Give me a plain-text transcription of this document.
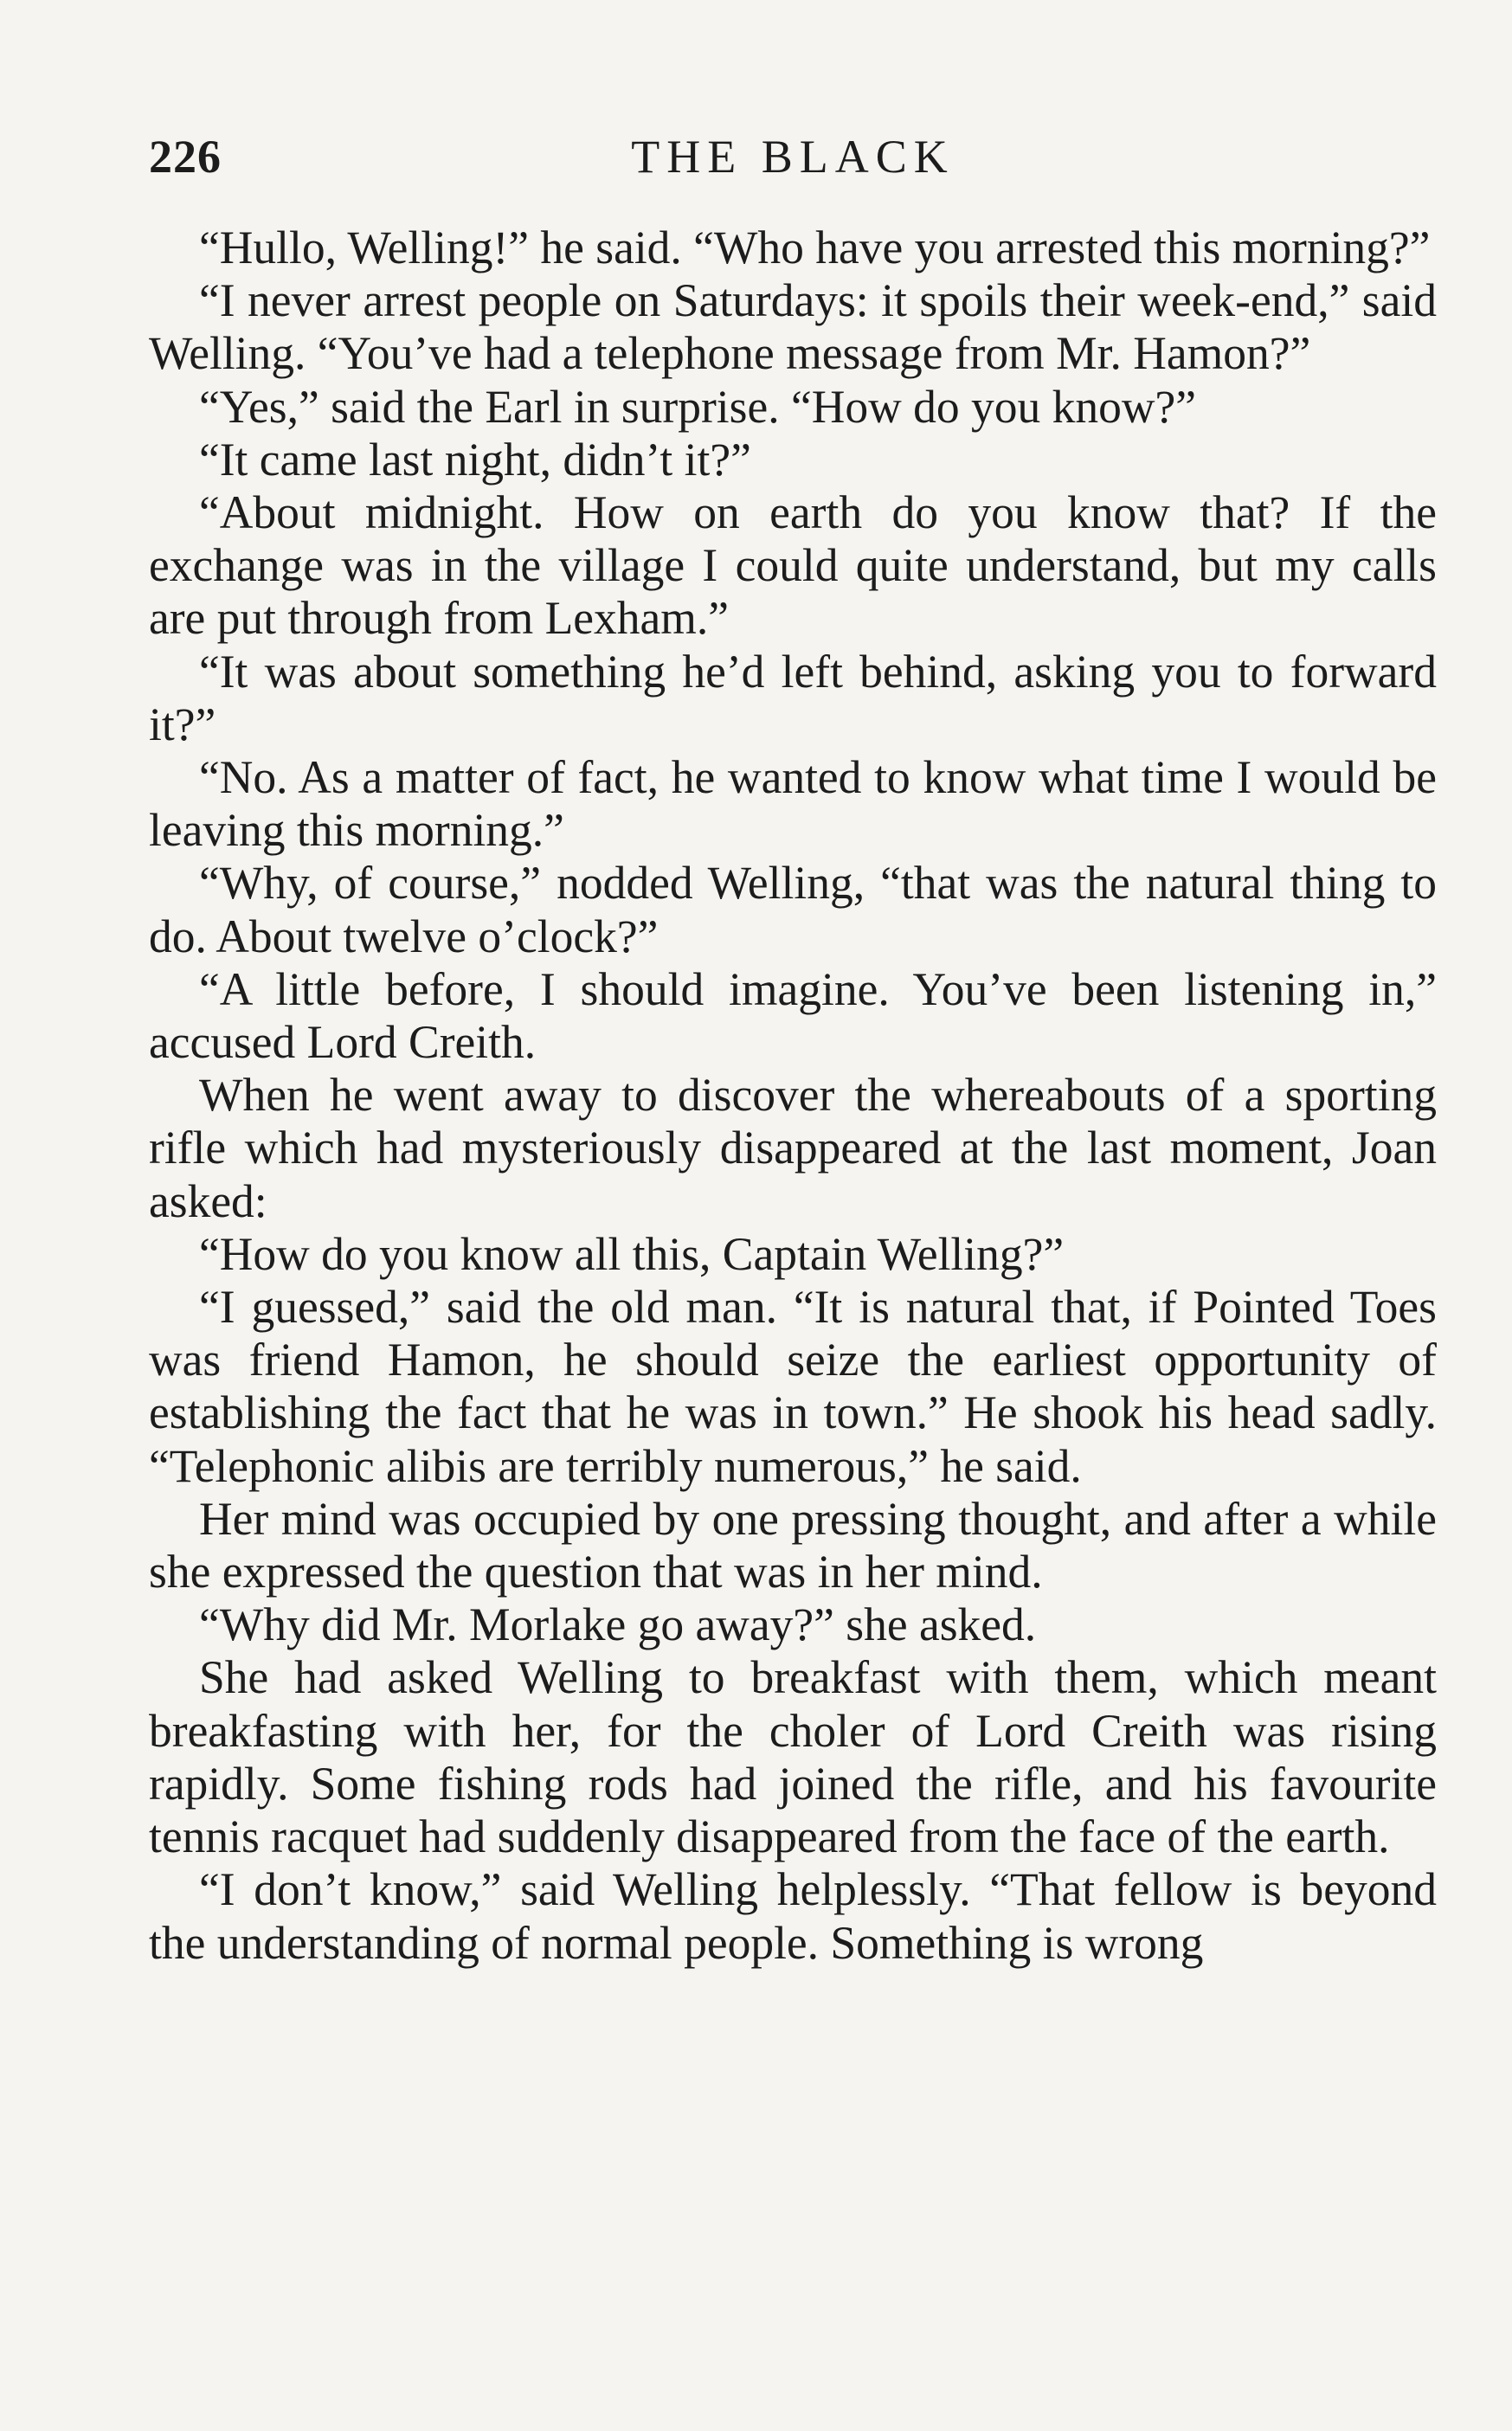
226	THE BLACK

“Hullo, Welling!” he said. “Who have you arrested this morning?”

“I never arrest people on Saturdays: it spoils their week-end,” said Welling. “You’ve had a telephone message from Mr. Hamon?”

“Yes,” said the Earl in surprise. “How do you know?”

“It came last night, didn’t it?”

“About midnight. How on earth do you know that? If the exchange was in the village I could quite understand, but my calls are put through from Lexham.”

“It was about something he’d left behind, asking you to forward it?”

“No. As a matter of fact, he wanted to know what time I would be leaving this morning.”

“Why, of course,” nodded Welling, “that was the natural thing to do. About twelve o’clock?”

“A little before, I should imagine. You’ve been listening in,” accused Lord Creith.

When he went away to discover the whereabouts of a sporting rifle which had mysteriously disappeared at the last moment, Joan asked:

“How do you know all this, Captain Welling?”

“I guessed,” said the old man. “It is natural that, if Pointed Toes was friend Hamon, he should seize the earliest opportunity of establishing the fact that he was in town.” He shook his head sadly. “Telephonic alibis are terribly numerous,” he said.

Her mind was occupied by one pressing thought, and after a while she expressed the question that was in her mind.

“Why did Mr. Morlake go away?” she asked.

She had asked Welling to breakfast with them, which meant breakfasting with her, for the choler of Lord Creith was rising rapidly. Some fishing rods had joined the rifle, and his favourite tennis racquet had suddenly disappeared from the face of the earth.

“I don’t know,” said Welling helplessly. “That fellow is beyond the understanding of normal people. Something is wrong
